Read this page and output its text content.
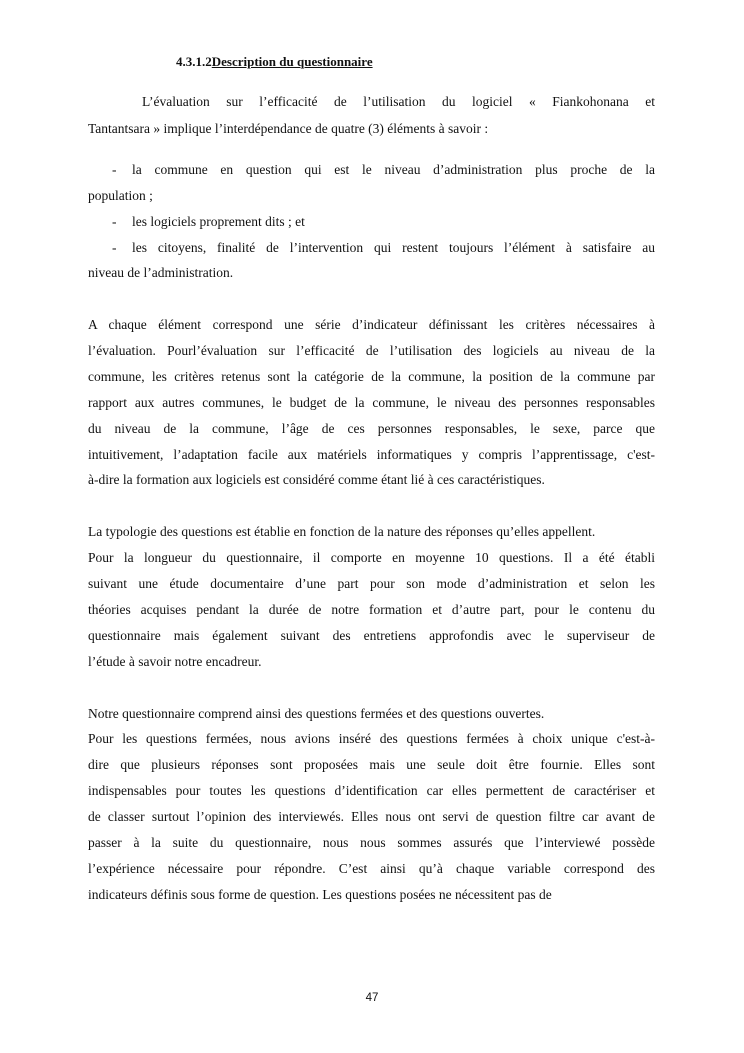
4.3.1.2Description du questionnaire
L’évaluation sur l’efficacité de l’utilisation du logiciel « Fiankohonana et
Tantantsara » implique l’interdépendance de quatre (3) éléments à savoir :
- la commune en question qui est le niveau d’administration plus proche de la
population ;
- les logiciels proprement dits ; et
- les citoyens, finalité de l’intervention qui restent toujours l’élément à satisfaire au
niveau de l’administration.
A chaque élément correspond une série d’indicateur définissant les critères nécessaires à
l’évaluation. Pourl’évaluation sur l’efficacité de l’utilisation des logiciels au niveau de la
commune, les critères retenus sont la catégorie de la commune, la position de la commune par
rapport aux autres communes, le budget de la commune, le niveau des personnes responsables
du niveau de la commune, l’âge de ces personnes responsables, le sexe, parce que
intuitivement, l’adaptation facile aux matériels informatiques y compris l’apprentissage, c'est-
à-dire la formation aux logiciels est considéré comme étant lié à ces caractéristiques.
La typologie des questions est établie en fonction de la nature des réponses qu’elles appellent.
Pour la longueur du questionnaire, il comporte en moyenne 10 questions. Il a été établi
suivant une étude documentaire d’une part pour son mode d’administration et selon les
théories acquises pendant la durée de notre formation et d’autre part, pour le contenu du
questionnaire mais également suivant des entretiens approfondis avec le superviseur de
l’étude à savoir notre encadreur.
Notre questionnaire comprend ainsi des questions fermées et des questions ouvertes.
Pour les questions fermées, nous avions inséré des questions fermées à choix unique c'est-à-
dire que plusieurs réponses sont proposées mais une seule doit être fournie. Elles sont
indispensables pour toutes les questions d’identification car elles permettent de caractériser et
de classer surtout l’opinion des interviewés. Elles nous ont servi de question filtre car avant de
passer à la suite du questionnaire, nous nous sommes assurés que l’interviewé possède
l’expérience nécessaire pour répondre. C’est ainsi qu’à chaque variable correspond des
indicateurs définis sous forme de question. Les questions posées ne nécessitent pas de
47
